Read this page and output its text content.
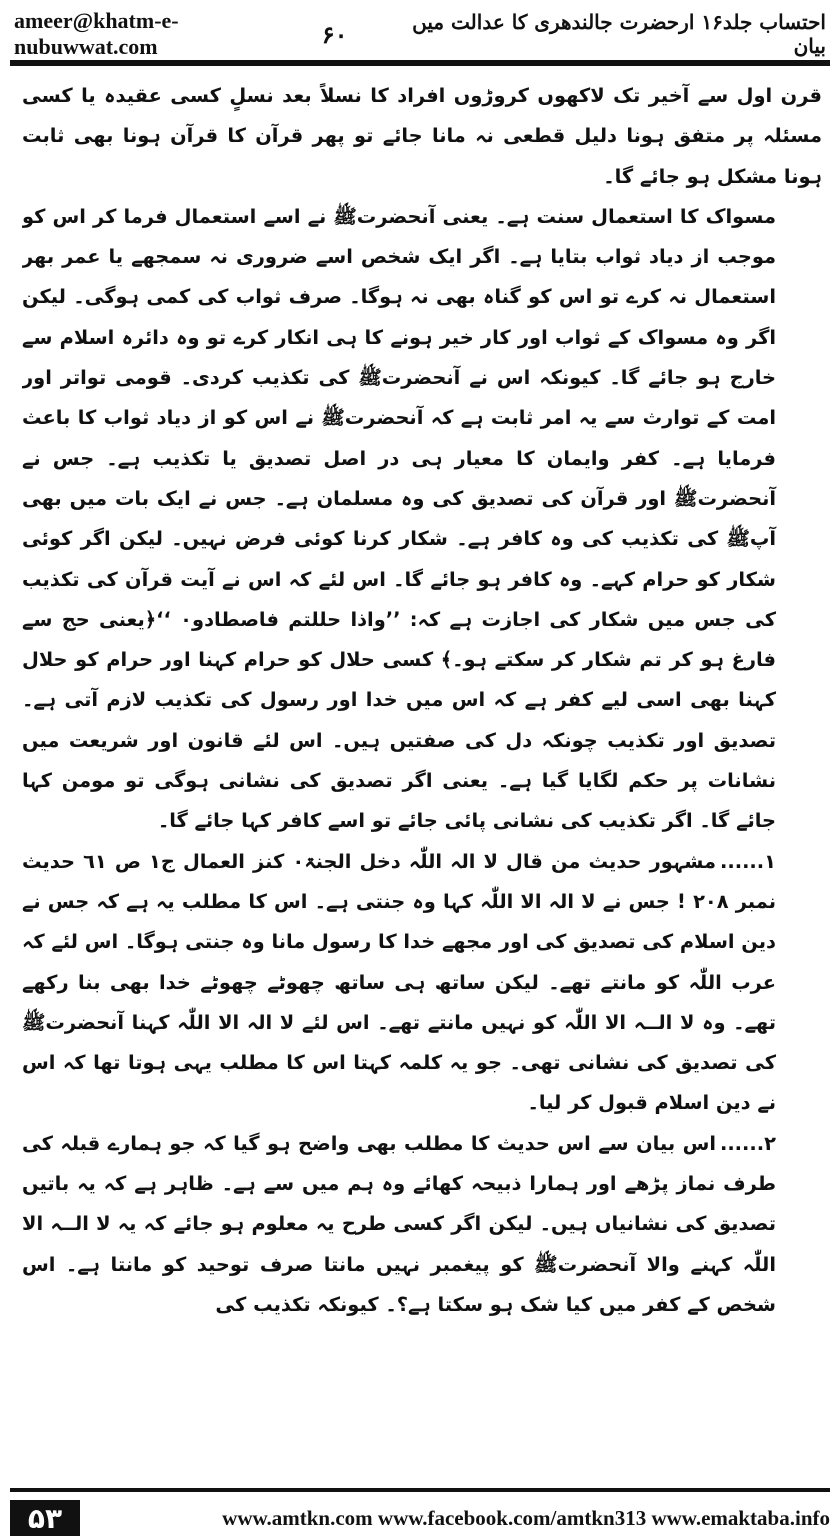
ameer@khatm-e-nubuwwat.com
احتساب جلد۱۶ ارحضرت جالندھری کا عدالت میں بیان
۶۰

قرن اول سے آخیر تک لاکھوں کروڑوں افراد کا نسلاً بعد نسلٍ کسی عقیدہ یا کسی مسئلہ پر متفق ہونا دلیل قطعی نہ مانا جائے تو پھر قرآن کا قرآن ہونا بھی ثابت ہونا مشکل ہو جائے گا۔

مسواک کا استعمال سنت ہے۔ یعنی آنحضرتﷺ نے اسے استعمال فرما کر اس کو موجب از دیاد ثواب بتایا ہے۔ اگر ایک شخص اسے ضروری نہ سمجھے یا عمر بھر استعمال نہ کرے تو اس کو گناہ بھی نہ ہوگا۔ صرف ثواب کی کمی ہوگی۔ لیکن اگر وہ مسواک کے ثواب اور کار خیر ہونے کا ہی انکار کرے تو وہ دائرہ اسلام سے خارج ہو جائے گا۔ کیونکہ اس نے آنحضرتﷺ کی تکذیب کردی۔ قومی تواتر اور امت کے توارث سے یہ امر ثابت ہے کہ آنحضرتﷺ نے اس کو از دیاد ثواب کا باعث فرمایا ہے۔ کفر وایمان کا معیار ہی در اصل تصدیق یا تکذیب ہے۔ جس نے آنحضرتﷺ اور قرآن کی تصدیق کی وہ مسلمان ہے۔ جس نے ایک بات میں بھی آپﷺ کی تکذیب کی وہ کافر ہے۔ شکار کرنا کوئی فرض نہیں۔ لیکن اگر کوئی شکار کو حرام کہے۔ وہ کافر ہو جائے گا۔ اس لئے کہ اس نے آیت قرآن کی تکذیب کی جس میں شکار کی اجازت ہے کہ: ’’واذا حللتم فاصطادو۰ ‘‘﴿یعنی حج سے فارغ ہو کر تم شکار کر سکتے ہو۔﴾ کسی حلال کو حرام کہنا اور حرام کو حلال کہنا بھی اسی لیے کفر ہے کہ اس میں خدا اور رسول کی تکذیب لازم آتی ہے۔ تصدیق اور تکذیب چونکہ دل کی صفتیں ہیں۔ اس لئے قانون اور شریعت میں نشانات پر حکم لگایا گیا ہے۔ یعنی اگر تصدیق کی نشانی ہوگی تو مومن کہا جائے گا۔ اگر تکذیب کی نشانی پائی جائے تو اسے کافر کہا جائے گا۔

۱......مشہور حدیث من قال لا الہ اللّٰہ دخل الجنۃ۰ کنز العمال ج۱ ص ٦١ حدیث نمبر ٢٠٨ ! جس نے لا الہ الا اللّٰہ کہا وہ جنتی ہے۔ اس کا مطلب یہ ہے کہ جس نے دین اسلام کی تصدیق کی اور مجھے خدا کا رسول مانا وہ جنتی ہوگا۔ اس لئے کہ عرب اللّٰہ کو مانتے تھے۔ لیکن ساتھ ہی ساتھ چھوٹے چھوٹے خدا بھی بنا رکھے تھے۔ وہ لا الــہ الا اللّٰہ کو نہیں مانتے تھے۔ اس لئے لا الہ الا اللّٰہ کہنا آنحضرتﷺ کی تصدیق کی نشانی تھی۔ جو یہ کلمہ کہتا اس کا مطلب یہی ہوتا تھا کہ اس نے دین اسلام قبول کر لیا۔

۲......اس بیان سے اس حدیث کا مطلب بھی واضح ہو گیا کہ جو ہمارے قبلہ کی طرف نماز پڑھے اور ہمارا ذبیحہ کھائے وہ ہم میں سے ہے۔ ظاہر ہے کہ یہ باتیں تصدیق کی نشانیاں ہیں۔ لیکن اگر کسی طرح یہ معلوم ہو جائے کہ یہ لا الــہ الا اللّٰہ کہنے والا آنحضرتﷺ کو پیغمبر نہیں مانتا صرف توحید کو مانتا ہے۔ اس شخص کے کفر میں کیا شک ہو سکتا ہے؟۔ کیونکہ تکذیب کی

۵۳	www.amtkn.com www.facebook.com/amtkn313 www.emaktaba.info
